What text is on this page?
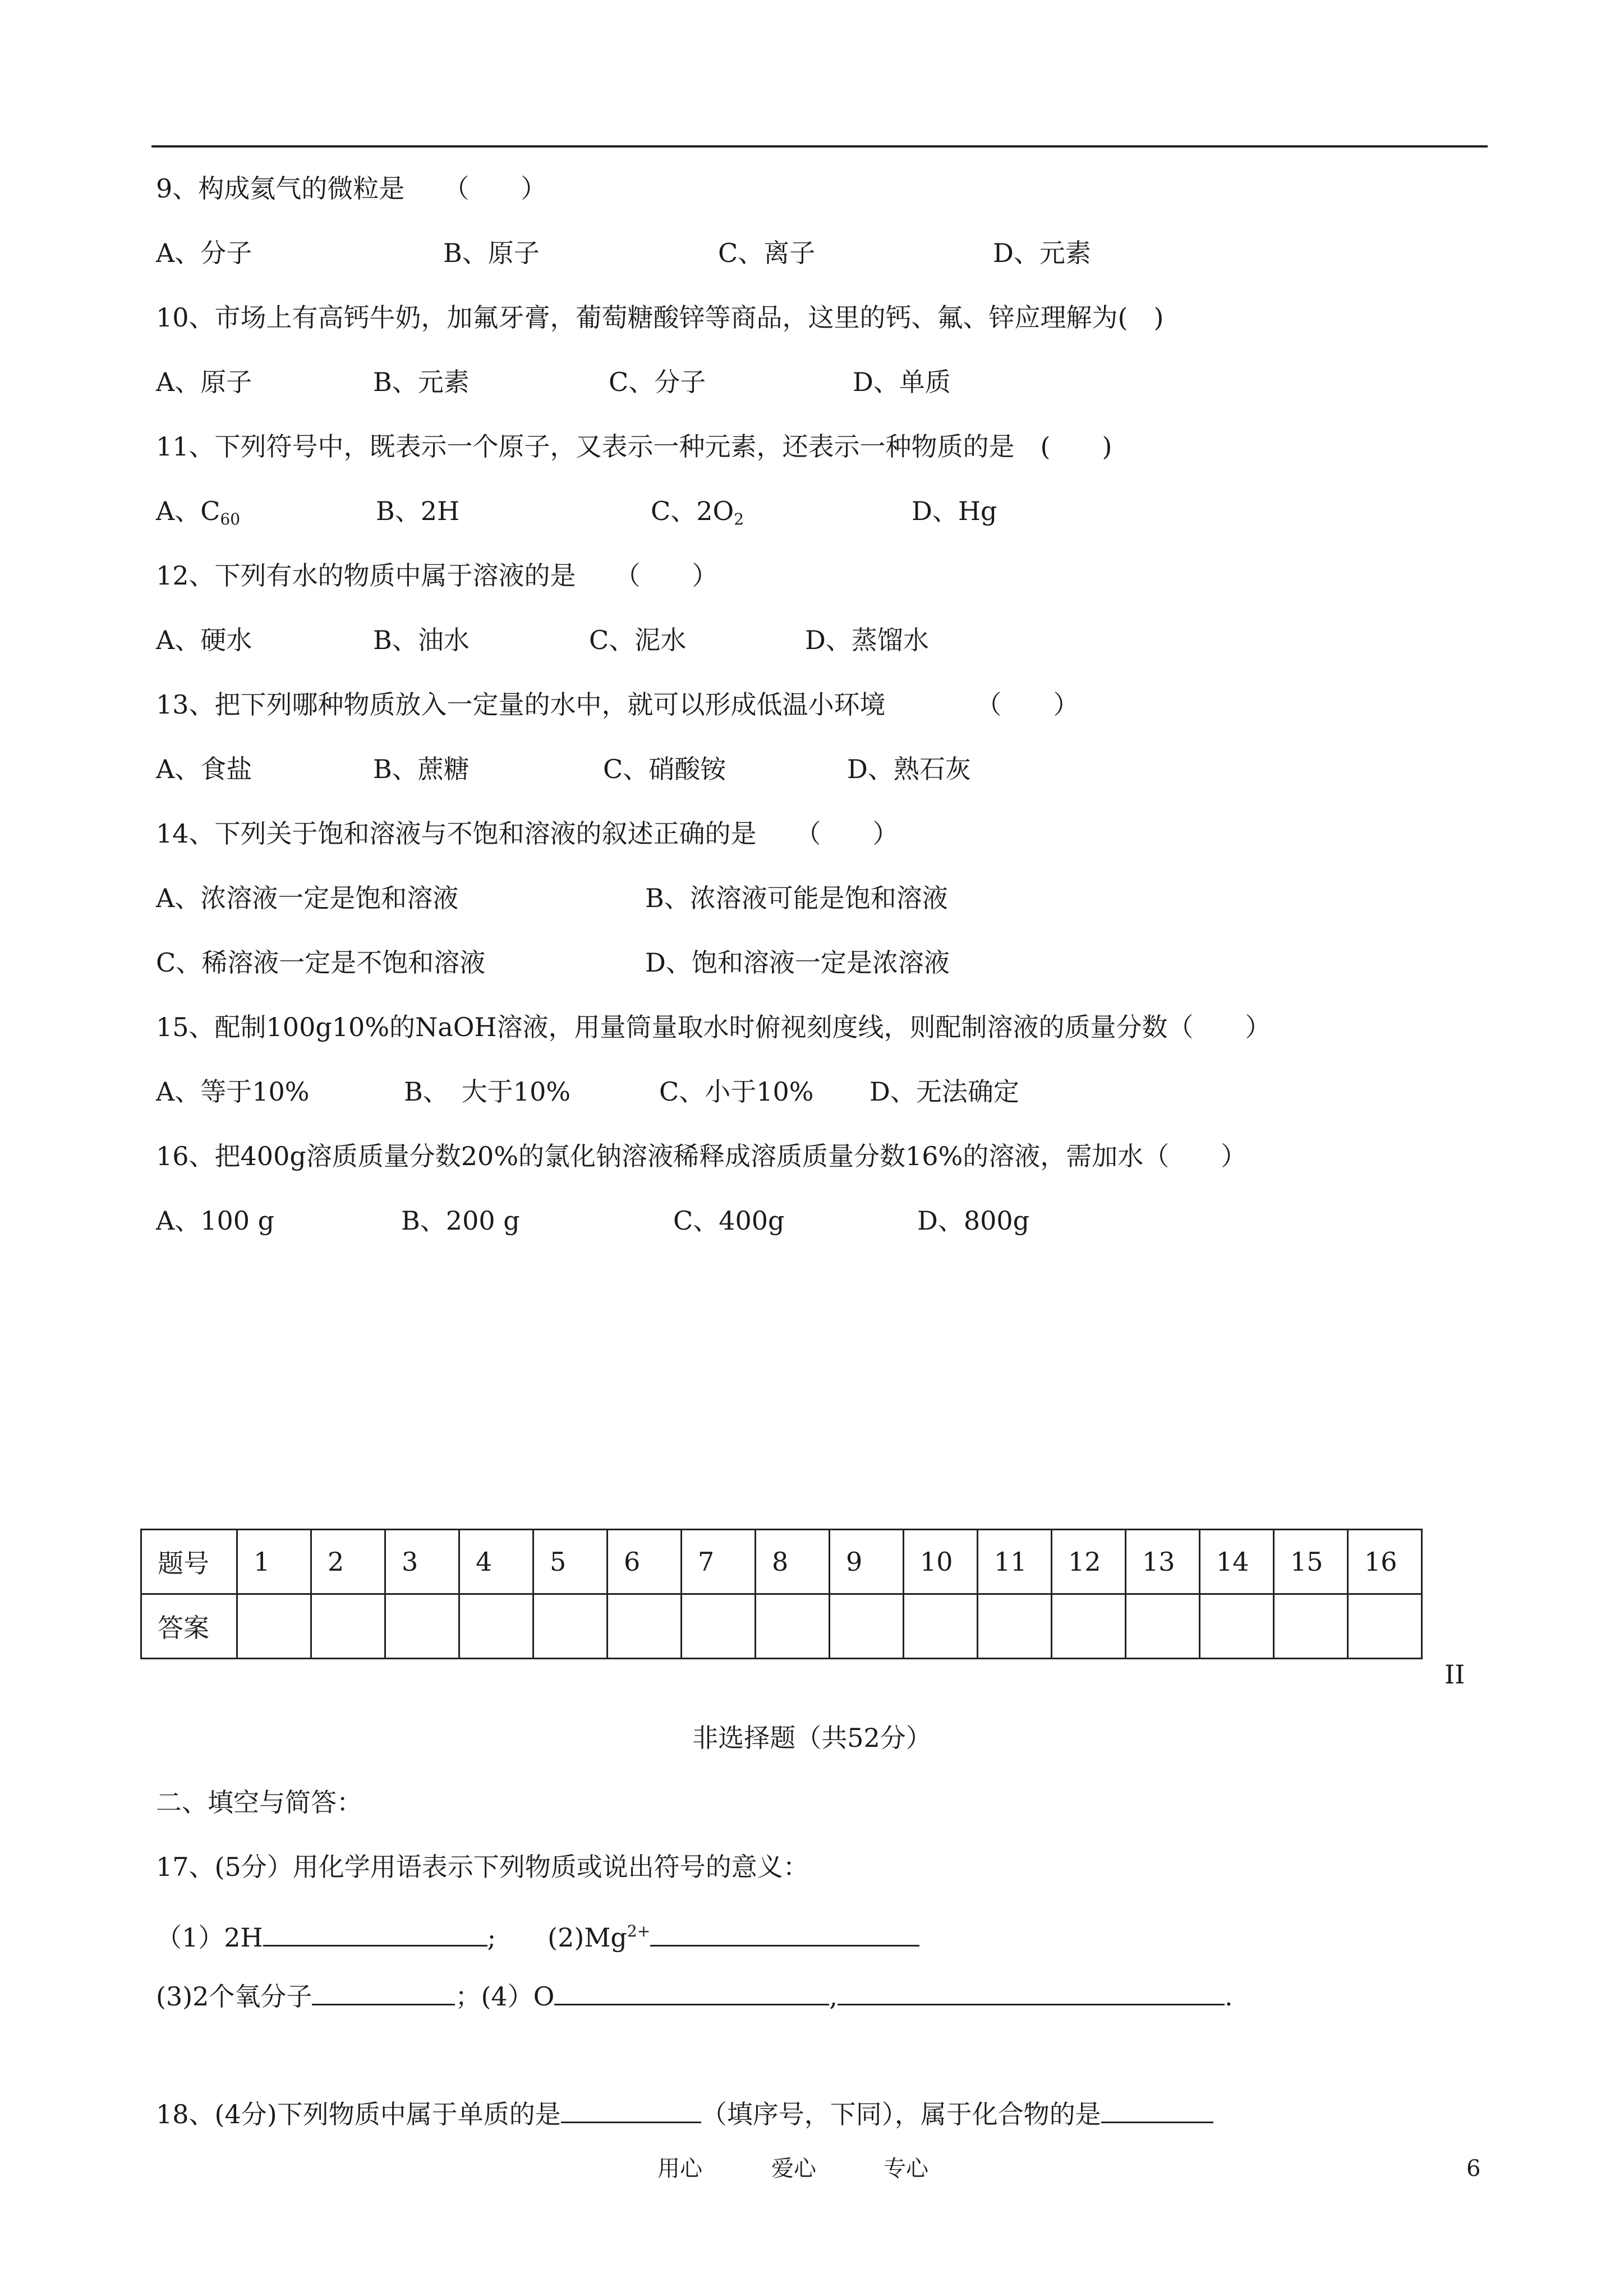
9、构成氦气的微粒是　　（　　）
A、分子	B、原子	C、离子	D、元素
10、市场上有高钙牛奶，加氟牙膏，葡萄糖酸锌等商品，这里的钙、氟、锌应理解为(　)
A、原子	B、元素	C、分子	D、单质
11、下列符号中，既表示一个原子，又表示一种元素，还表示一种物质的是　(　　)
A、$C_{60}$	B、2H	C、$2O_2$	D、Hg
12、下列有水的物质中属于溶液的是　　（　　）
A、硬水	B、油水	C、泥水	D、蒸馏水
13、把下列哪种物质放入一定量的水中，就可以形成低温小环境　　　　（　　）
A、食盐	B、蔗糖	C、硝酸铵	D、熟石灰
14、下列关于饱和溶液与不饱和溶液的叙述正确的是　　（　　）
A、浓溶液一定是饱和溶液	B、浓溶液可能是饱和溶液
C、稀溶液一定是不饱和溶液	D、饱和溶液一定是浓溶液
15、配制100g10%的NaOH溶液，用量筒量取水时俯视刻度线，则配制溶液的质量分数（　　）
A、等于10%	B、　大于10%	C、小于10% D、无法确定
16、把400g溶质质量分数20%的氯化钠溶液稀释成溶质质量分数16%的溶液，需加水（　　）
A、100 g	B、200 g	C、400g	D、800g
题号	1	2	3	4	5	6	7	8	9	10	11	12	13	14	15	16
答案																
II
非选择题（共52分）
二、填空与简答：
17、(5分）用化学用语表示下列物质或说出符号的意义：
（1）2H	;　　 $(2)Mg^{2+}$
(3)2个氧分子	；(4）O	,	.
18、(4分)下列物质中属于单质的是	（填序号，下同），属于化合物的是
用心	爱心	专心	6
